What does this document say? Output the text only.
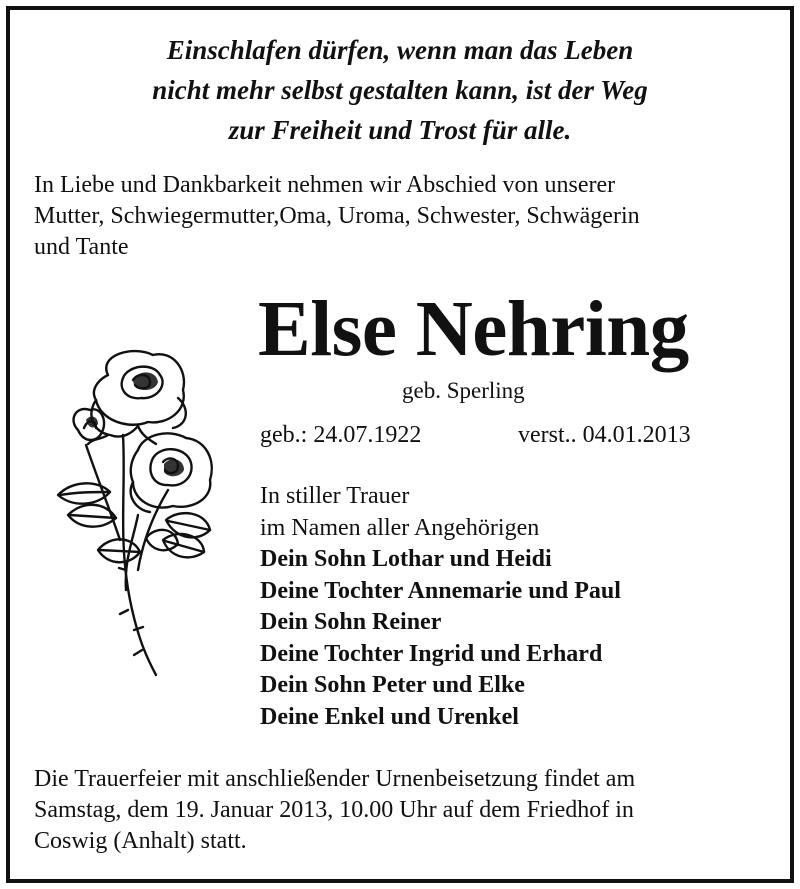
Einschlafen dürfen, wenn man das Leben
nicht mehr selbst gestalten kann, ist der Weg
zur Freiheit und Trost für alle.
In Liebe und Dankbarkeit nehmen wir Abschied von unserer
Mutter, Schwiegermutter,Oma, Uroma, Schwester, Schwägerin
und Tante
Else Nehring
geb. Sperling
geb.: 24.07.1922	verst.. 04.01.2013
In stiller Trauer
im Namen aller Angehörigen
Dein Sohn Lothar und Heidi
Deine Tochter Annemarie und Paul
Dein Sohn Reiner
Deine Tochter Ingrid und Erhard
Dein Sohn Peter und Elke
Deine Enkel und Urenkel
Die Trauerfeier mit anschließender Urnenbeisetzung findet am
Samstag, dem 19. Januar 2013, 10.00 Uhr auf dem Friedhof in
Coswig (Anhalt) statt.
